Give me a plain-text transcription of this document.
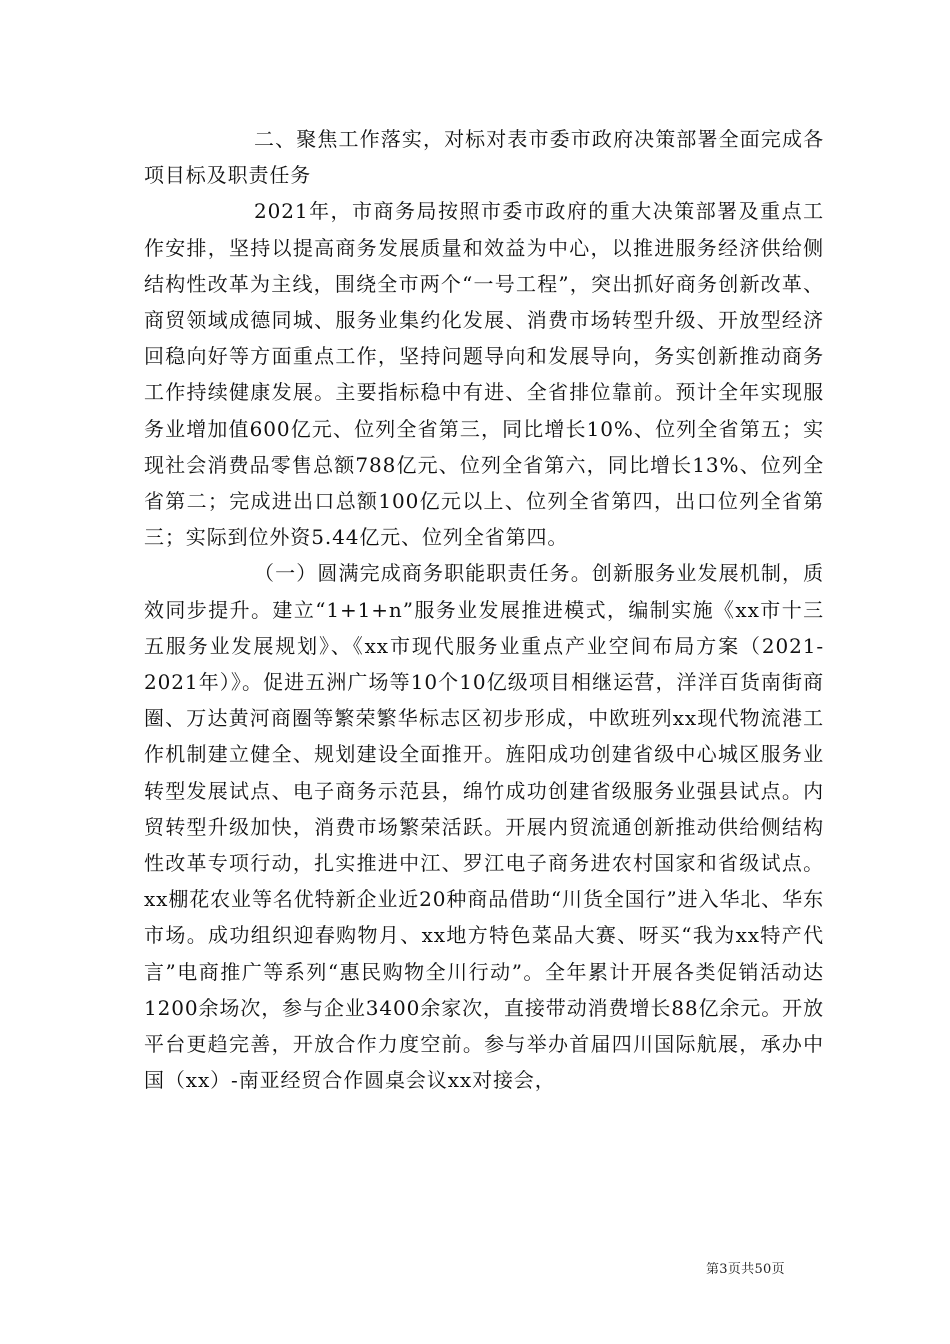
二、聚焦工作落实，对标对表市委市政府决策部署全面完成各项目标及职责任务

2021年，市商务局按照市委市政府的重大决策部署及重点工作安排，坚持以提高商务发展质量和效益为中心，以推进服务经济供给侧结构性改革为主线，围绕全市两个“一号工程”，突出抓好商务创新改革、商贸领域成德同城、服务业集约化发展、消费市场转型升级、开放型经济回稳向好等方面重点工作，坚持问题导向和发展导向，务实创新推动商务工作持续健康发展。主要指标稳中有进、全省排位靠前。预计全年实现服务业增加值600亿元、位列全省第三，同比增长10%、位列全省第五；实现社会消费品零售总额788亿元、位列全省第六，同比增长13%、位列全省第二；完成进出口总额100亿元以上、位列全省第四，出口位列全省第三；实际到位外资5.44亿元、位列全省第四。

（一）圆满完成商务职能职责任务。创新服务业发展机制，质效同步提升。建立“1+1+n”服务业发展推进模式，编制实施《xx市十三五服务业发展规划》、《xx市现代服务业重点产业空间布局方案（2021-2021年）》。促进五洲广场等10个10亿级项目相继运营，洋洋百货南街商圈、万达黄河商圈等繁荣繁华标志区初步形成，中欧班列xx现代物流港工作机制建立健全、规划建设全面推开。旌阳成功创建省级中心城区服务业转型发展试点、电子商务示范县，绵竹成功创建省级服务业强县试点。内贸转型升级加快，消费市场繁荣活跃。开展内贸流通创新推动供给侧结构性改革专项行动，扎实推进中江、罗江电子商务进农村国家和省级试点。xx棚花农业等名优特新企业近20种商品借助“川货全国行”进入华北、华东市场。成功组织迎春购物月、xx地方特色菜品大赛、呀买“我为xx特产代言”电商推广等系列“惠民购物全川行动”。全年累计开展各类促销活动达1200余场次，参与企业3400余家次，直接带动消费增长88亿余元。开放平台更趋完善，开放合作力度空前。参与举办首届四川国际航展，承办中国（xx）-南亚经贸合作圆桌会议xx对接会，

第3页共50页
